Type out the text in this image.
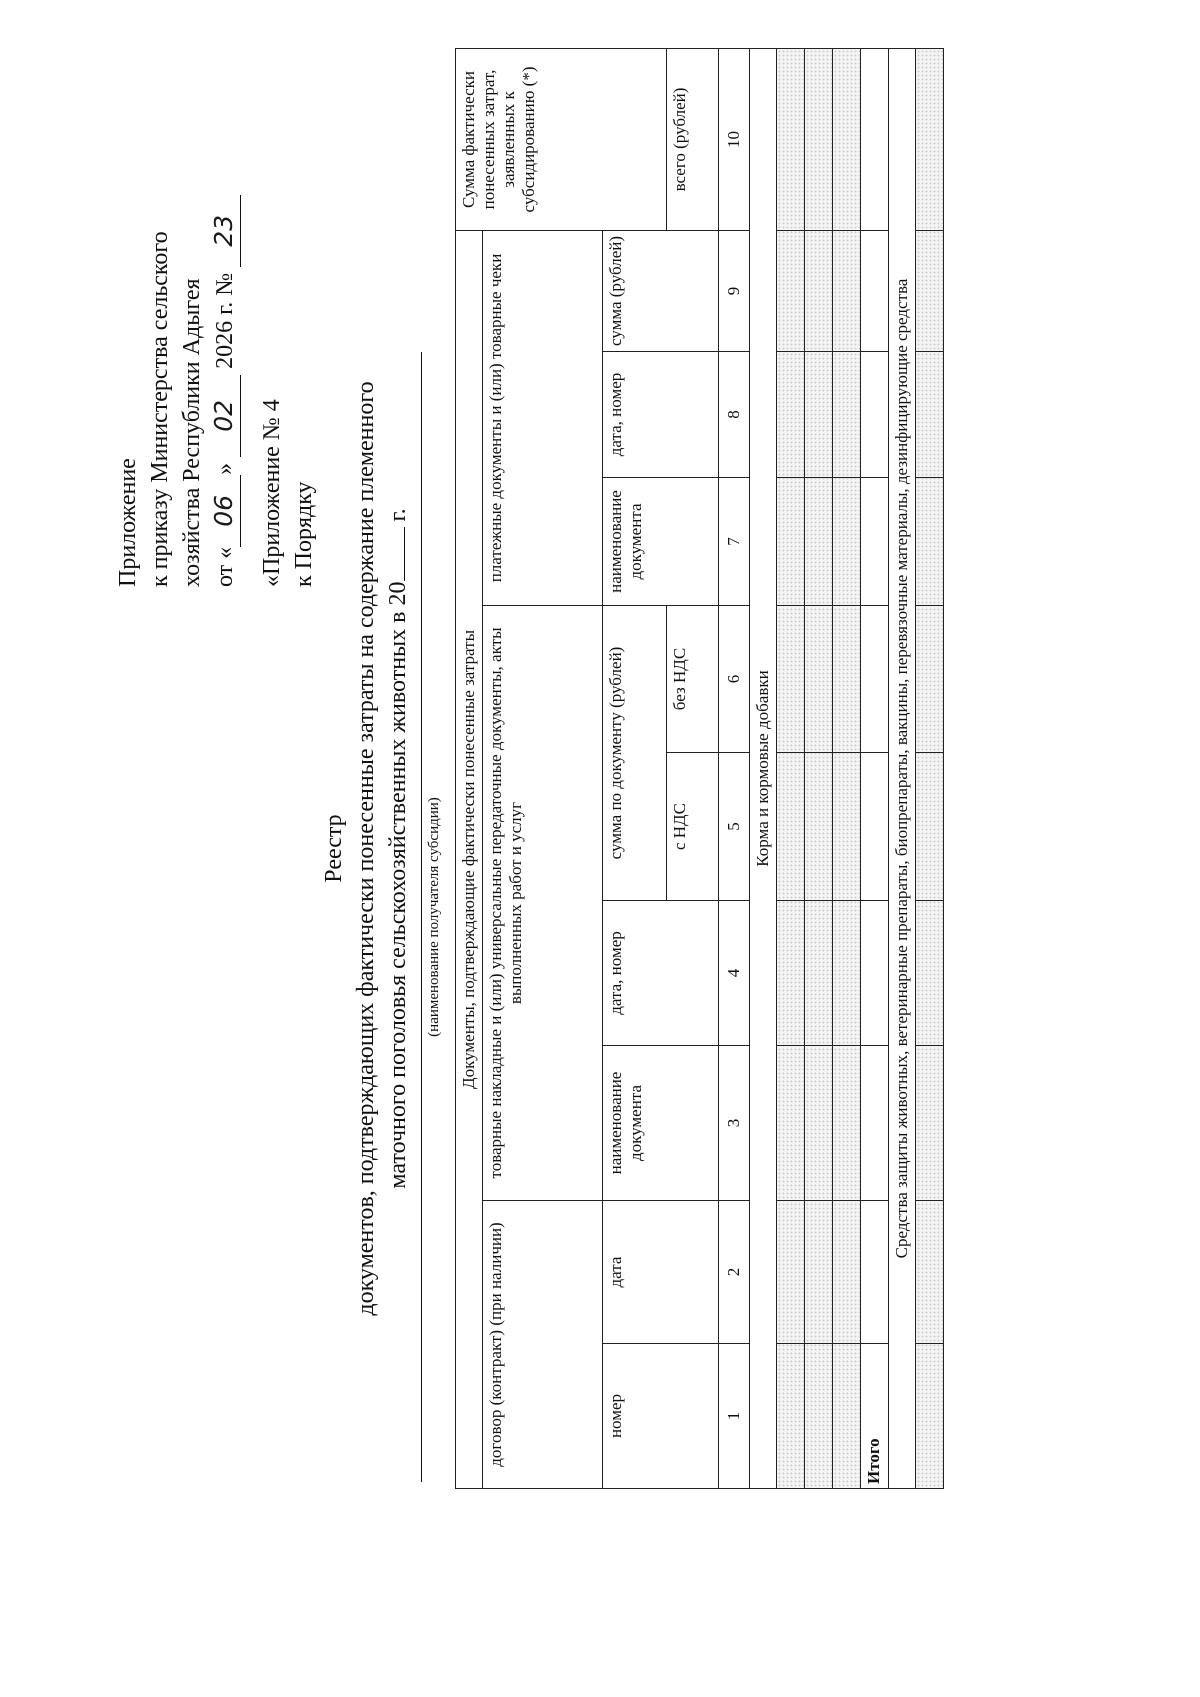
Приложение к приказу Министерства сельского хозяйства Республики Адыгея от «06» 02 2026 г. № 23
«Приложение № 4 к Порядку
Реестр документов, подтверждающих фактически понесенные затраты на содержание племенного маточного поголовья сельскохозяйственных животных в 20 г.
(наименование получателя субсидии) Документы, подтверждающие фактически понесенные затраты									Сумма фактически понесенных затрат, заявленных к субсидированию (*)
договор (контракт) (при наличии)		товарные накладные и (или) универсальные передаточные документы, акты выполненных работ и услуг				платежные документы и (или) товарные чеки			
номер	дата	наименование документа	дата, номер	сумма по документу (рублей)		наименование документа	дата, номер	сумма (рублей)	
				с НДС	без НДС				всего (рублей)
1	2	3	4	5	6	7	8	9	10
Корма и кормовые добавки									

Итого									
Средства защиты животных, ветеринарные препараты, биопрепараты, вакцины, перевязочные материалы, дезинфицирующие средства									
